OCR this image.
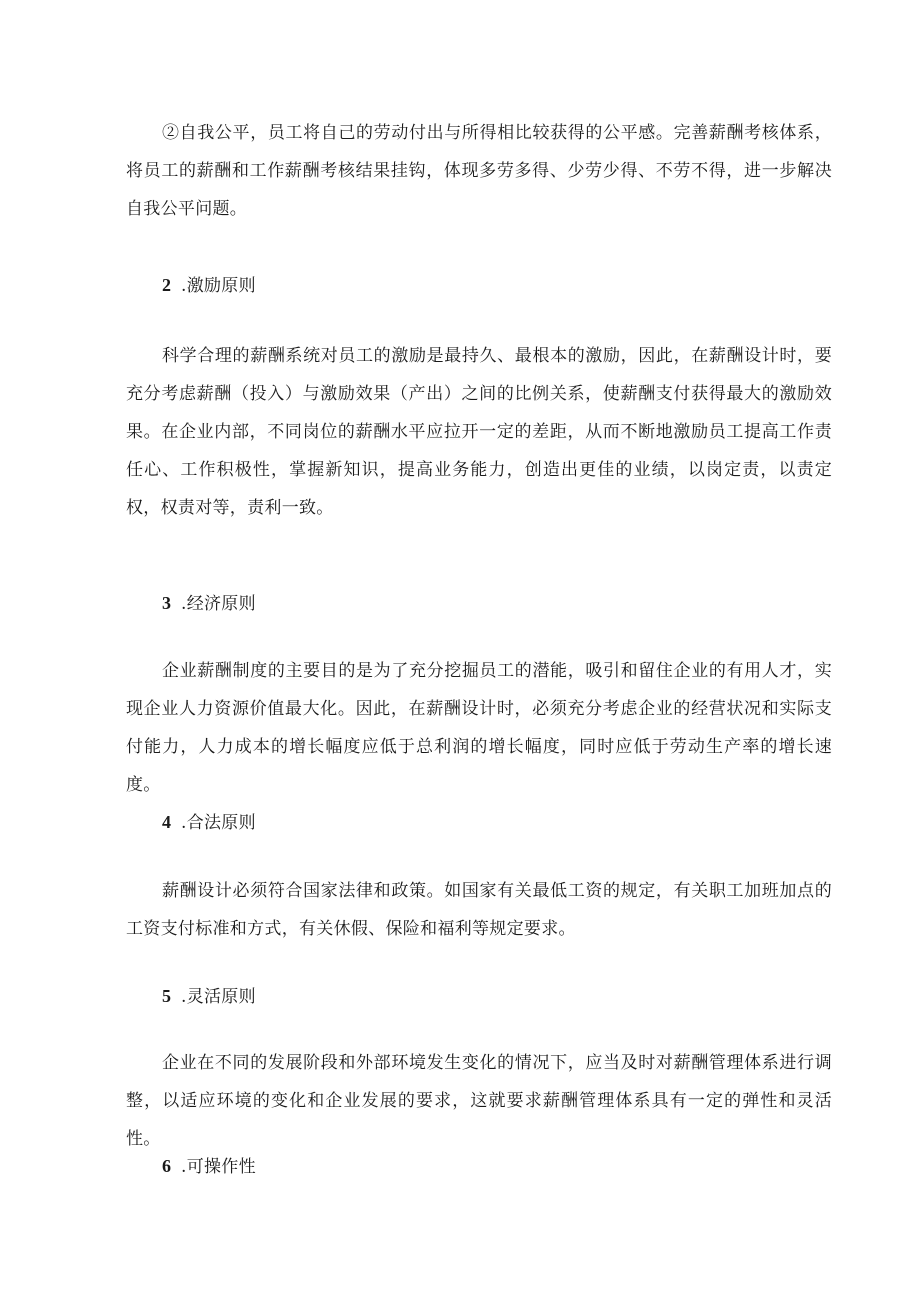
②自我公平，员工将自己的劳动付出与所得相比较获得的公平感。完善薪酬考核体系，将员工的薪酬和工作薪酬考核结果挂钩，体现多劳多得、少劳少得、不劳不得，进一步解决自我公平问题。

2 .激励原则

科学合理的薪酬系统对员工的激励是最持久、最根本的激励，因此，在薪酬设计时，要充分考虑薪酬（投入）与激励效果（产出）之间的比例关系，使薪酬支付获得最大的激励效果。在企业内部，不同岗位的薪酬水平应拉开一定的差距，从而不断地激励员工提高工作责任心、工作积极性，掌握新知识，提高业务能力，创造出更佳的业绩，以岗定责，以责定权，权责对等，责利一致。

3 .经济原则

企业薪酬制度的主要目的是为了充分挖掘员工的潜能，吸引和留住企业的有用人才，实现企业人力资源价值最大化。因此，在薪酬设计时，必须充分考虑企业的经营状况和实际支付能力，人力成本的增长幅度应低于总利润的增长幅度，同时应低于劳动生产率的增长速度。

4 .合法原则

薪酬设计必须符合国家法律和政策。如国家有关最低工资的规定，有关职工加班加点的工资支付标准和方式，有关休假、保险和福利等规定要求。

5 .灵活原则

企业在不同的发展阶段和外部环境发生变化的情况下，应当及时对薪酬管理体系进行调整，以适应环境的变化和企业发展的要求，这就要求薪酬管理体系具有一定的弹性和灵活性。

6 .可操作性
